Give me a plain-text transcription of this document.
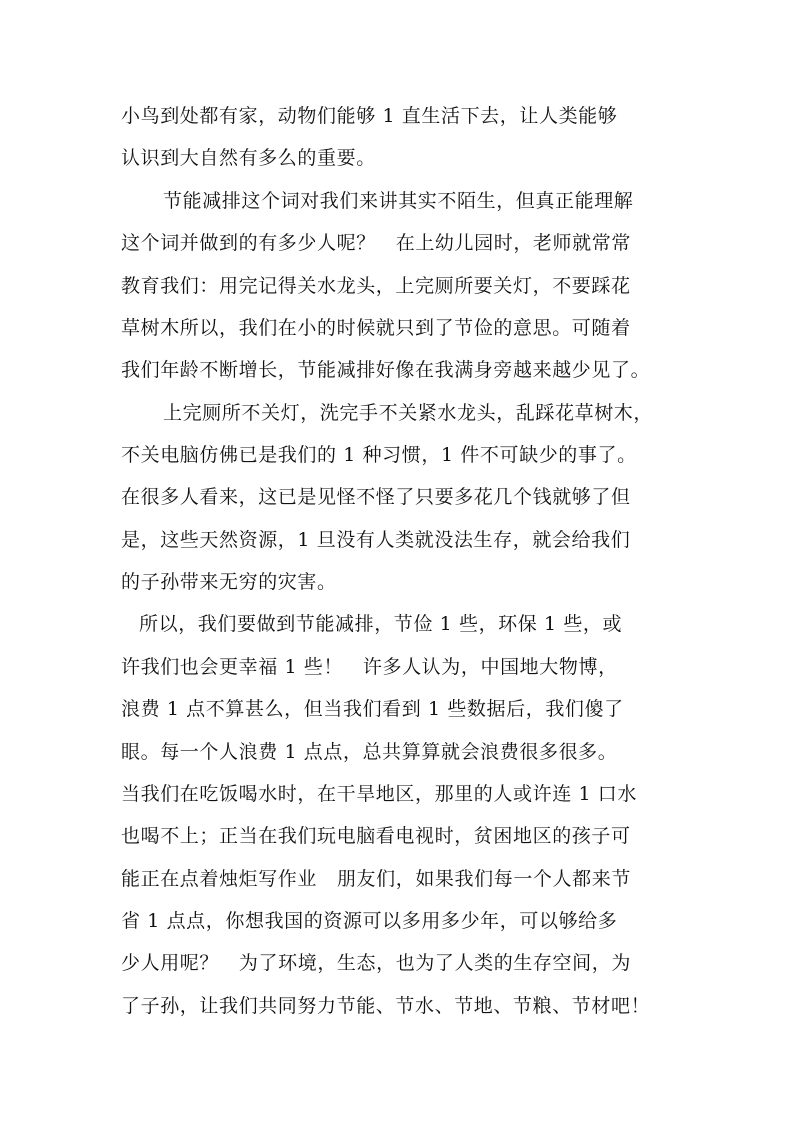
小鸟到处都有家，动物们能够 1 直生活下去，让人类能够

认识到大自然有多么的重要。

节能减排这个词对我们来讲其实不陌生，但真正能理解

这个词并做到的有多少人呢？   在上幼儿园时，老师就常常

教育我们：用完记得关水龙头，上完厕所要关灯，不要踩花

草树木所以，我们在小的时候就只到了节俭的意思。可随着

我们年龄不断增长，节能减排好像在我满身旁越来越少见了。

上完厕所不关灯，洗完手不关紧水龙头，乱踩花草树木，

不关电脑仿佛已是我们的 1 种习惯，1 件不可缺少的事了。

在很多人看来，这已是见怪不怪了只要多花几个钱就够了但

是，这些天然资源，1 旦没有人类就没法生存，就会给我们

的子孙带来无穷的灾害。

所以，我们要做到节能减排，节俭 1 些，环保 1 些，或

许我们也会更幸福 1 些！   许多人认为，中国地大物博，

浪费 1 点不算甚么，但当我们看到 1 些数据后，我们傻了

眼。每一个人浪费 1 点点，总共算算就会浪费很多很多。

当我们在吃饭喝水时，在干旱地区，那里的人或许连 1 口水

也喝不上；正当在我们玩电脑看电视时，贫困地区的孩子可

能正在点着烛炬写作业   朋友们，如果我们每一个人都来节

省 1 点点，你想我国的资源可以多用多少年，可以够给多

少人用呢？   为了环境，生态，也为了人类的生存空间，为

了子孙，让我们共同努力节能、节水、节地、节粮、节材吧！
